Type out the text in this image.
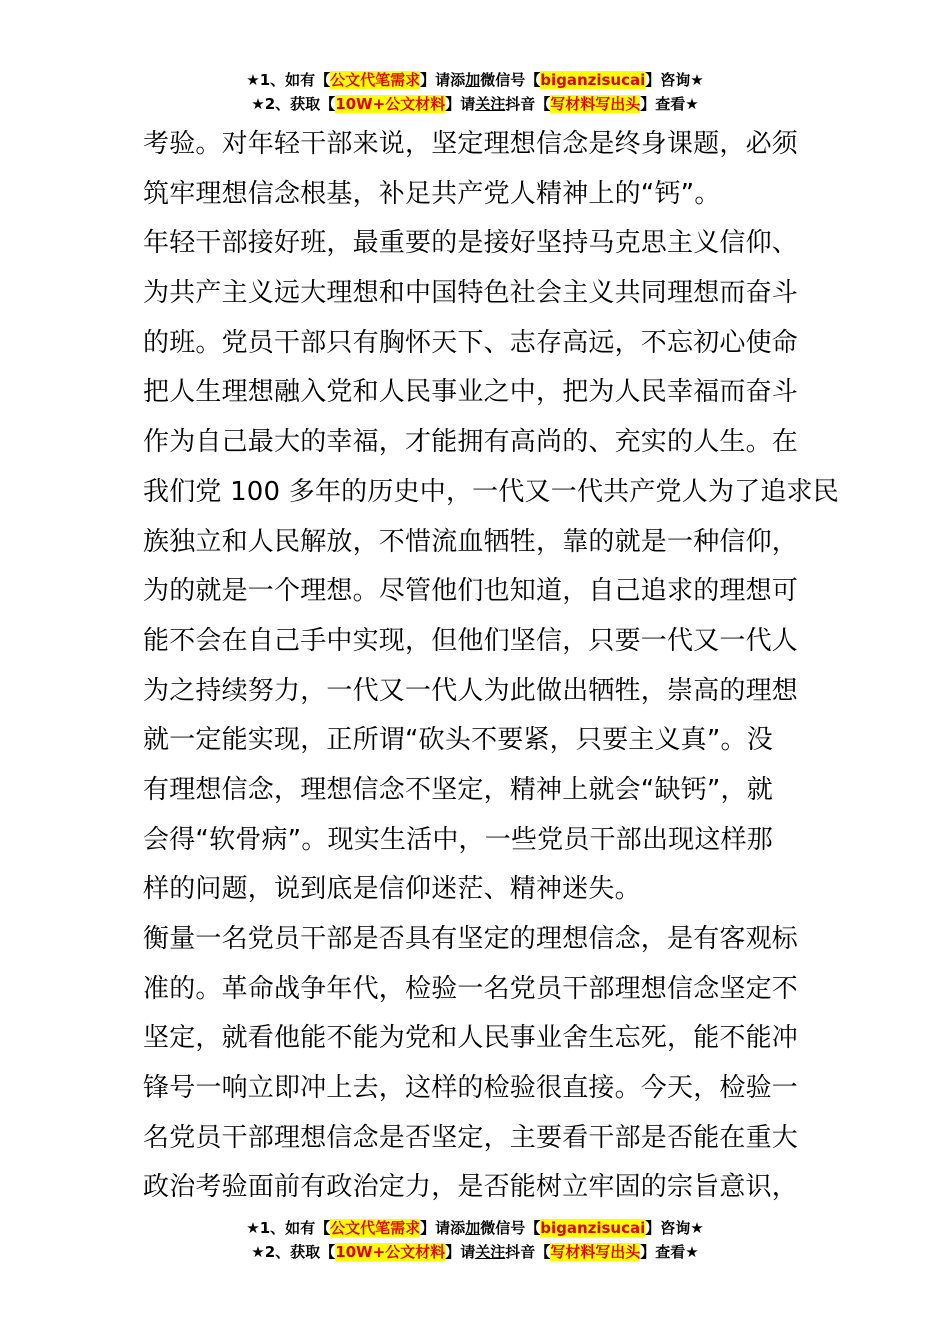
★1、如有【公文代笔需求】请添加微信号【biganzisucai】咨询★
★2、获取【10W+公文材料】请关注抖音【写材料写出头】查看★

考验。对年轻干部来说，坚定理想信念是终身课题，必须
筑牢理想信念根基，补足共产党人精神上的“钙”。

年轻干部接好班，最重要的是接好坚持马克思主义信仰、
为共产主义远大理想和中国特色社会主义共同理想而奋斗
的班。党员干部只有胸怀天下、志存高远，不忘初心使命
把人生理想融入党和人民事业之中，把为人民幸福而奋斗
作为自己最大的幸福，才能拥有高尚的、充实的人生。在
我们党 100 多年的历史中，一代又一代共产党人为了追求民
族独立和人民解放，不惜流血牺牲，靠的就是一种信仰，
为的就是一个理想。尽管他们也知道，自己追求的理想可
能不会在自己手中实现，但他们坚信，只要一代又一代人
为之持续努力，一代又一代人为此做出牺牲，崇高的理想
就一定能实现，正所谓“砍头不要紧，只要主义真”。没
有理想信念，理想信念不坚定，精神上就会“缺钙”，就
会得“软骨病”。现实生活中，一些党员干部出现这样那
样的问题，说到底是信仰迷茫、精神迷失。

衡量一名党员干部是否具有坚定的理想信念，是有客观标
准的。革命战争年代，检验一名党员干部理想信念坚定不
坚定，就看他能不能为党和人民事业舍生忘死，能不能冲
锋号一响立即冲上去，这样的检验很直接。今天，检验一
名党员干部理想信念是否坚定，主要看干部是否能在重大
政治考验面前有政治定力，是否能树立牢固的宗旨意识，

★1、如有【公文代笔需求】请添加微信号【biganzisucai】咨询★
★2、获取【10W+公文材料】请关注抖音【写材料写出头】查看★
